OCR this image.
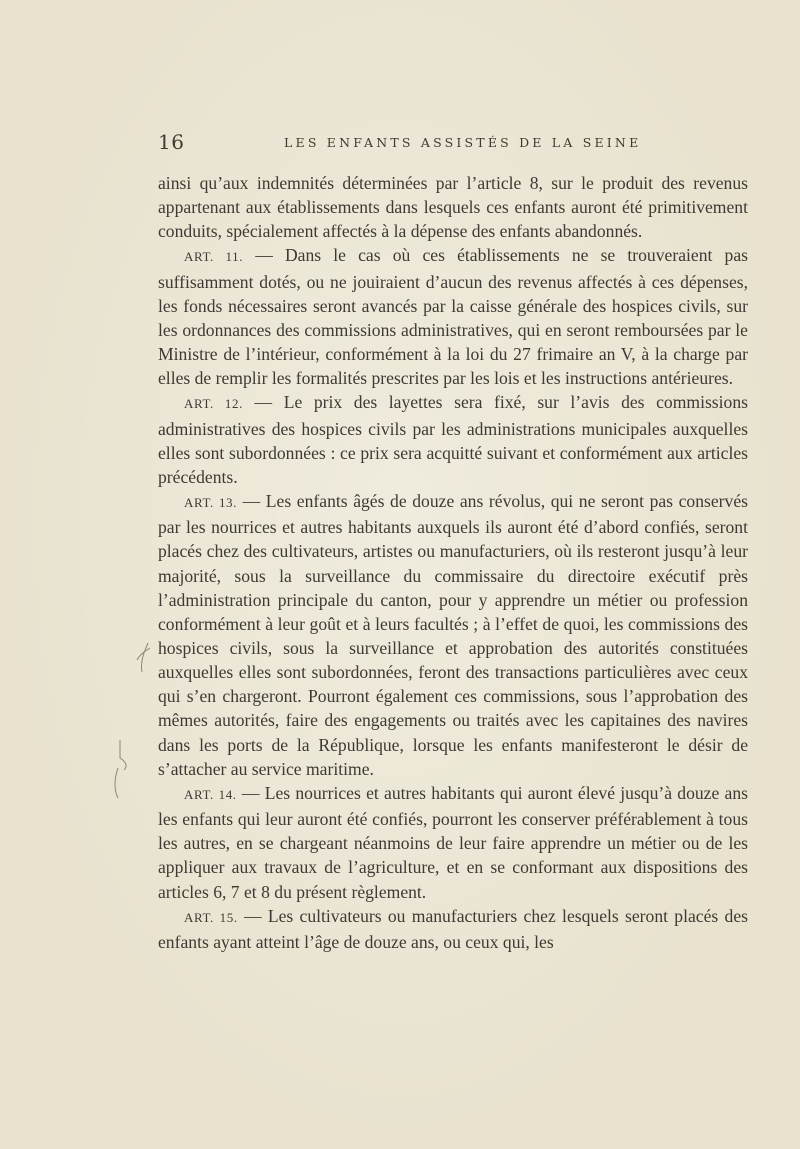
16	LES ENFANTS ASSISTÉS DE LA SEINE

ainsi qu’aux indemnités déterminées par l’article 8, sur le produit des revenus appartenant aux établissements dans lesquels ces enfants auront été primitivement conduits, spécialement affectés à la dépense des enfants abandonnés.

ART. 11. — Dans le cas où ces établissements ne se trouveraient pas suffisamment dotés, ou ne jouiraient d’aucun des revenus affectés à ces dépenses, les fonds nécessaires seront avancés par la caisse générale des hospices civils, sur les ordonnances des commissions administratives, qui en seront remboursées par le Ministre de l’intérieur, conformément à la loi du 27 frimaire an V, à la charge par elles de remplir les formalités prescrites par les lois et les instructions antérieures.

ART. 12. — Le prix des layettes sera fixé, sur l’avis des commissions administratives des hospices civils par les administrations municipales auxquelles elles sont subordonnées : ce prix sera acquitté suivant et conformément aux articles précédents.

ART. 13. — Les enfants âgés de douze ans révolus, qui ne seront pas conservés par les nourrices et autres habitants auxquels ils auront été d’abord confiés, seront placés chez des cultivateurs, artistes ou manufacturiers, où ils resteront jusqu’à leur majorité, sous la surveillance du commissaire du directoire exécutif près l’administration principale du canton, pour y apprendre un métier ou profession conformément à leur goût et à leurs facultés ; à l’effet de quoi, les commissions des hospices civils, sous la surveillance et approbation des autorités constituées auxquelles elles sont subordonnées, feront des transactions particulières avec ceux qui s’en chargeront. Pourront également ces commissions, sous l’approbation des mêmes autorités, faire des engagements ou traités avec les capitaines des navires dans les ports de la République, lorsque les enfants manifesteront le désir de s’attacher au service maritime.

ART. 14. — Les nourrices et autres habitants qui auront élevé jusqu’à douze ans les enfants qui leur auront été confiés, pourront les conserver préférablement à tous les autres, en se chargeant néanmoins de leur faire apprendre un métier ou de les appliquer aux travaux de l’agriculture, et en se conformant aux dispositions des articles 6, 7 et 8 du présent règlement.

ART. 15. — Les cultivateurs ou manufacturiers chez lesquels seront placés des enfants ayant atteint l’âge de douze ans, ou ceux qui, les
